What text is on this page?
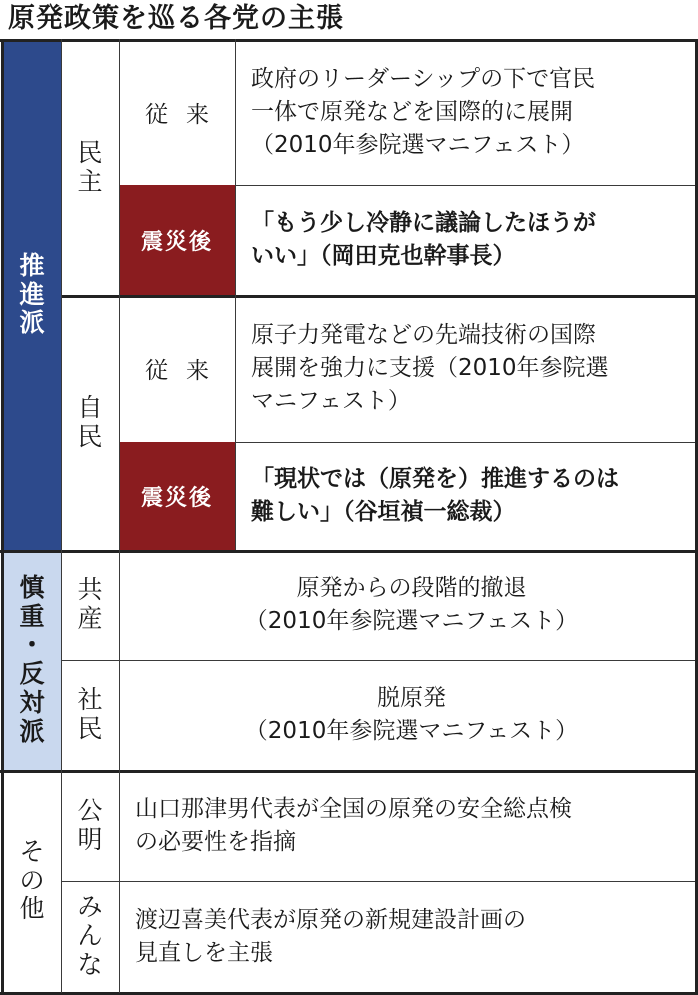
原発政策を巡る各党の主張
推
進
派
慎
重
・
反
対
派
そ
の
他
民
主
自
民
共
産
社
民
公
明
み
ん
な
従来
政府のリーダーシップの下で官民
一体で原発などを国際的に展開
（2010年参院選マニフェスト）
震災後
「もう少し冷静に議論したほうが
いい」（岡田克也幹事長）
従来
原子力発電などの先端技術の国際
展開を強力に支援（2010年参院選
マニフェスト）
震災後
「現状では（原発を）推進するのは
難しい」（谷垣禎一総裁）
原発からの段階的撤退
（2010年参院選マニフェスト）
脱原発
（2010年参院選マニフェスト）
山口那津男代表が全国の原発の安全総点検
の必要性を指摘
渡辺喜美代表が原発の新規建設計画の
見直しを主張
